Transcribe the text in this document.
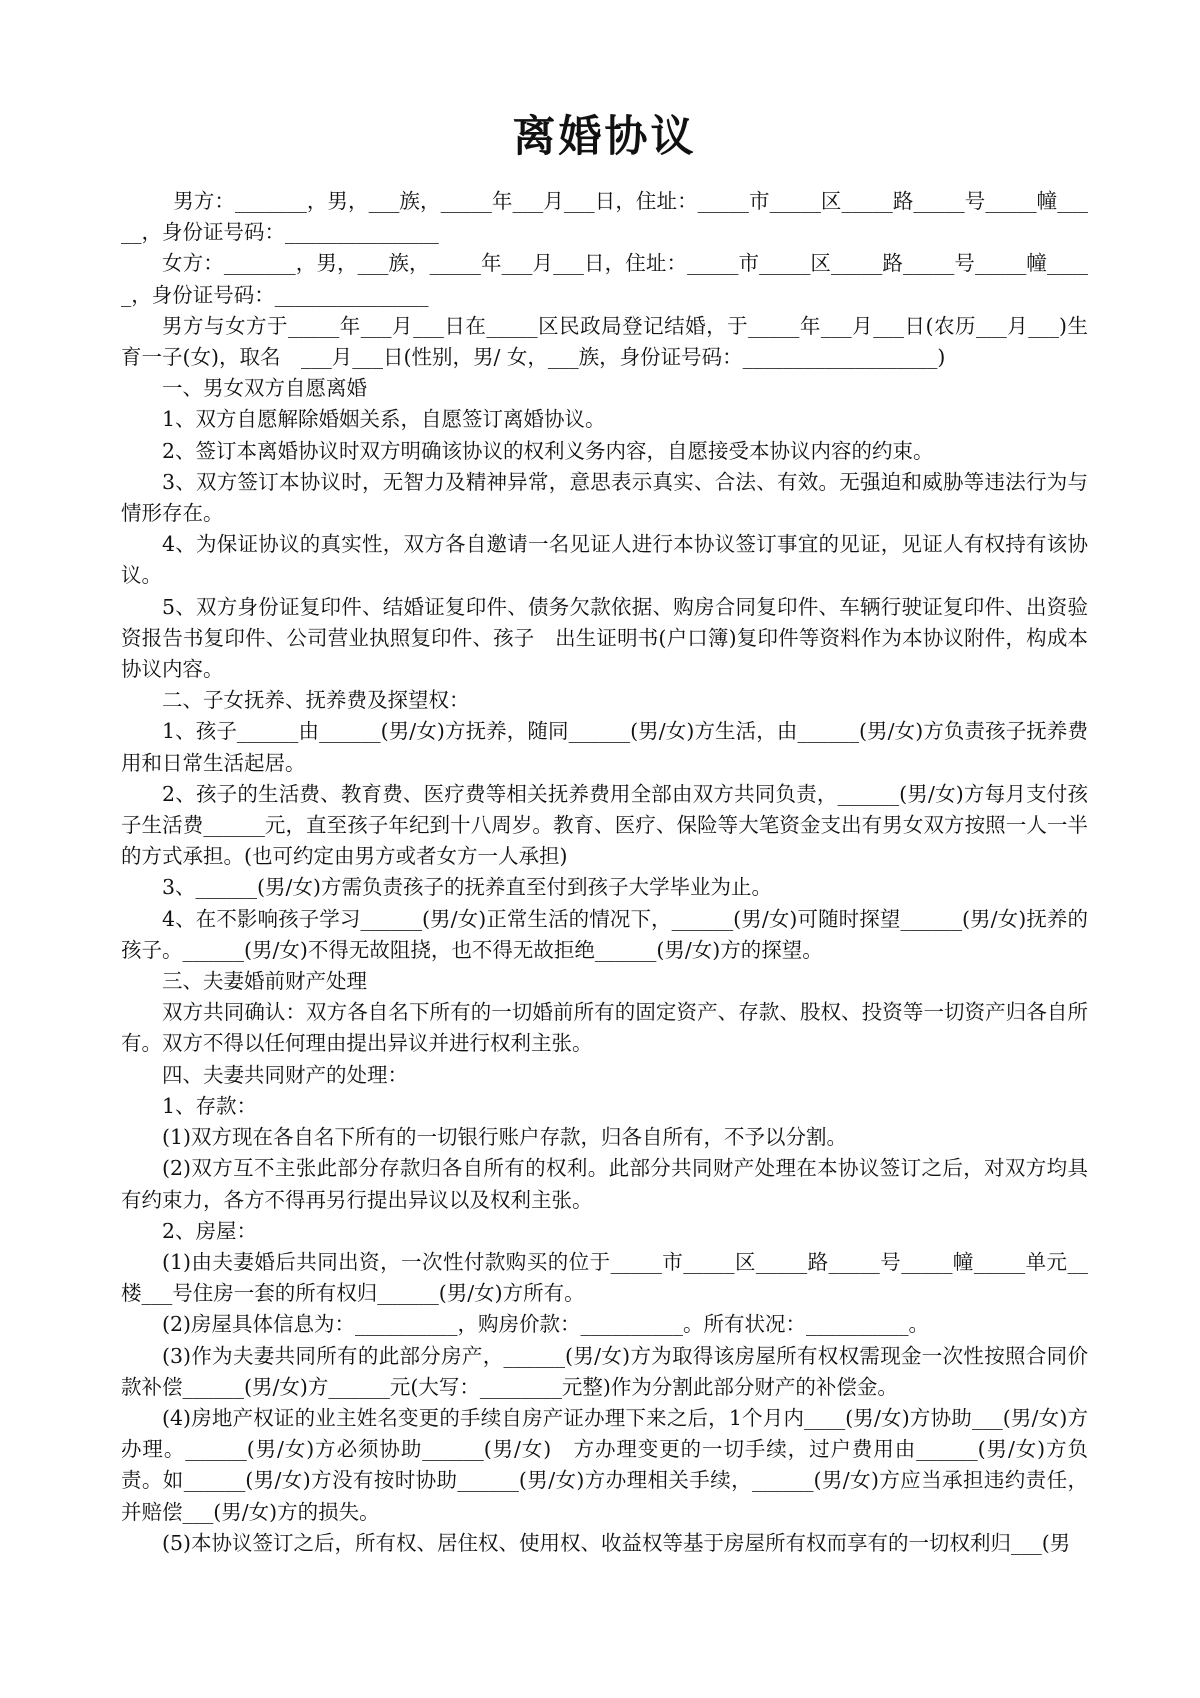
离婚协议

男方：_______，男，___族，_____年___月___日，住址：_____市_____区_____路_____号_____幢_____，身份证号码：_______________

女方：_______，男，___族，_____年___月___日，住址：_____市_____区_____路_____号_____幢_____，身份证号码：_______________

男方与女方于_____年___月___日在_____区民政局登记结婚，于_____年___月___日(农历___月___)生育一子(女)，取名　___月___日(性别，男/ 女，___族，身份证号码：___________________)

一、男女双方自愿离婚

1、双方自愿解除婚姻关系，自愿签订离婚协议。

2、签订本离婚协议时双方明确该协议的权利义务内容，自愿接受本协议内容的约束。

3、双方签订本协议时，无智力及精神异常，意思表示真实、合法、有效。无强迫和威胁等违法行为与情形存在。

4、为保证协议的真实性，双方各自邀请一名见证人进行本协议签订事宜的见证，见证人有权持有该协议。

5、双方身份证复印件、结婚证复印件、债务欠款依据、购房合同复印件、车辆行驶证复印件、出资验资报告书复印件、公司营业执照复印件、孩子　出生证明书(户口簿)复印件等资料作为本协议附件，构成本协议内容。

二、子女抚养、抚养费及探望权：

1、孩子______由______(男/女)方抚养，随同______(男/女)方生活，由______(男/女)方负责孩子抚养费用和日常生活起居。

2、孩子的生活费、教育费、医疗费等相关抚养费用全部由双方共同负责，______(男/女)方每月支付孩子生活费______元，直至孩子年纪到十八周岁。教育、医疗、保险等大笔资金支出有男女双方按照一人一半的方式承担。(也可约定由男方或者女方一人承担)

3、______(男/女)方需负责孩子的抚养直至付到孩子大学毕业为止。

4、在不影响孩子学习______(男/女)正常生活的情况下，______(男/女)可随时探望______(男/女)抚养的孩子。______(男/女)不得无故阻挠，也不得无故拒绝______(男/女)方的探望。

三、夫妻婚前财产处理

双方共同确认：双方各自名下所有的一切婚前所有的固定资产、存款、股权、投资等一切资产归各自所有。双方不得以任何理由提出异议并进行权利主张。

四、夫妻共同财产的处理：

1、存款：

(1)双方现在各自名下所有的一切银行账户存款，归各自所有，不予以分割。

(2)双方互不主张此部分存款归各自所有的权利。此部分共同财产处理在本协议签订之后，对双方均具有约束力，各方不得再另行提出异议以及权利主张。

2、房屋：

(1)由夫妻婚后共同出资，一次性付款购买的位于_____市_____区_____路_____号_____幢_____单元__楼___号住房一套的所有权归______(男/女)方所有。

(2)房屋具体信息为：__________，购房价款：__________。所有状况：__________。

(3)作为夫妻共同所有的此部分房产，______(男/女)方为取得该房屋所有权权需现金一次性按照合同价款补偿______(男/女)方______元(大写：________元整)作为分割此部分财产的补偿金。

(4)房地产权证的业主姓名变更的手续自房产证办理下来之后，1个月内____(男/女)方协助___(男/女)方办理。______(男/女)方必须协助______(男/女)　方办理变更的一切手续，过户费用由______(男/女)方负责。如______(男/女)方没有按时协助______(男/女)方办理相关手续，______(男/女)方应当承担违约责任，并赔偿___(男/女)方的损失。

(5)本协议签订之后，所有权、居住权、使用权、收益权等基于房屋所有权而享有的一切权利归___(男
